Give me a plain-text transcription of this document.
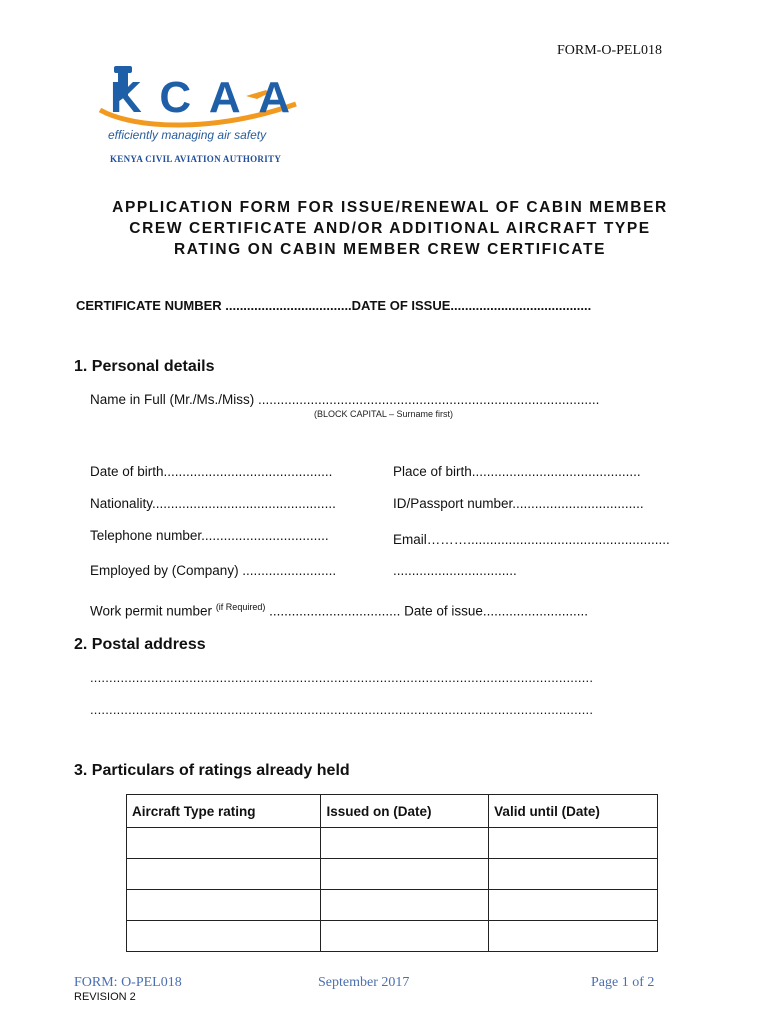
FORM-O-PEL018
KCAA
efficiently managing air safety
KENYA CIVIL AVIATION AUTHORITY
APPLICATION FORM FOR ISSUE/RENEWAL OF CABIN MEMBER
CREW CERTIFICATE AND/OR ADDITIONAL AIRCRAFT TYPE
RATING ON CABIN MEMBER CREW CERTIFICATE
CERTIFICATE NUMBER ...................................DATE OF ISSUE.......................................
1. Personal details
Name in Full (Mr./Ms./Miss) ...........................................................................................
(BLOCK CAPITAL – Surname first)
Date of birth.............................................	Place of birth.............................................
Nationality.................................................	ID/Passport number...................................
Telephone number..................................	Email………......................................................
Employed by (Company) .........................	.................................
Work permit number $^{(if Required)}$ ................................... Date of issue............................
2. Postal address
....................................................................................................................................
....................................................................................................................................
3. Particulars of ratings already held
Aircraft Type rating	Issued on (Date)	Valid until (Date)

FORM: O-PEL018	September 2017	Page 1 of 2
REVISION 2
